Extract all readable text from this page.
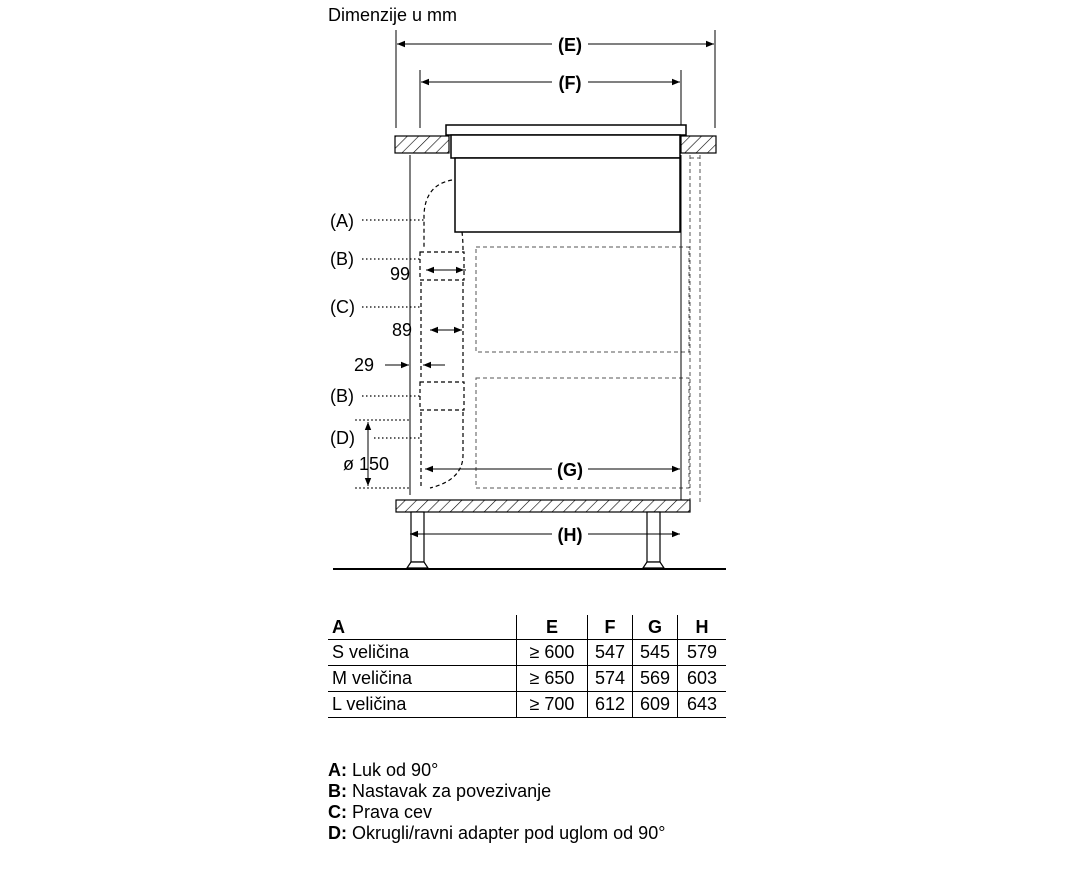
Dimenzije u mm
(E)
(F)
99
89
29
ø 150
(A)
(B)
(C)
(B)
(D)
(G)
(H)
A	E	F	G	H
S veličina	≥ 600	547	545	579
M veličina	≥ 650	574	569	603
L veličina	≥ 700	612	609	643
A: Luk od 90°
B: Nastavak za povezivanje
C: Prava cev
D: Okrugli/ravni adapter pod uglom od 90°
